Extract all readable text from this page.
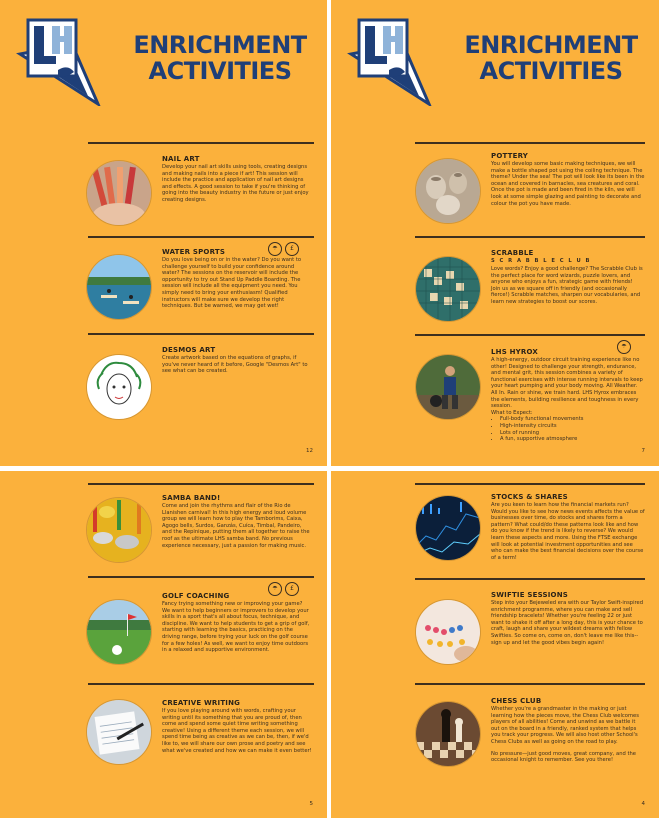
ENRICHMENT
ACTIVITIES
NAIL ART
Develop your nail art skills using tools, creating designs and making nails into a piece if art! This session will include the practice and application of nail art designs and effects. A good session to take if you're thinking of going into the beauty industry in the future or just enjoy creating designs.
☂	£
WATER SPORTS
Do you love being on or in the water? Do you want to challenge yourself to build your confidence around water? The sessions on the reservoir will include the opportunity to try out Stand Up Paddle Boarding. The session will include all the equipment you need. You simply need to bring your enthusiasm! Qualified instructors will make sure we develop the right techniques. But be warned, we may get wet!
DESMOS ART
Create artwork based on the equations of graphs, if you've never heard of it before, Google "Desmos Art" to see what can be created.
12
ENRICHMENT
ACTIVITIES
POTTERY
You will develop some basic making techniques, we will make a bottle shaped pot using the coiling technique. The theme? Under the sea! The pot will look like its been in the ocean and covered in barnacles, sea creatures and coral. Once the pot is made and been fired in the kiln, we will look at some simple glazing and painting to decorate and colour the pot you have made.
SCRABBLE
S C R A B B L E C L U B

Love words? Enjoy a good challenge? The Scrabble Club is the perfect place for word wizards, puzzle lovers, and anyone who enjoys a fun, strategic game with friends!

Join us as we square off in friendly (and occasionally fierce!) Scrabble matches, sharpen our vocabularies, and learn new strategies to boost our scores.

☂
LHS HYROX

A high-energy, outdoor circuit training experience like no other! Designed to challenge your strength, endurance, and mental grit, this session combines a variety of functional exercises with intense running intervals to keep your heart pumping and your body moving. All Weather. All In. Rain or shine, we train hard. LHS Hyrox embraces the elements, building resilience and toughness in every session.

What to Expect:

• Full-body functional movements
• High-intensity circuits
• Lots of running
• A fun, supportive atmosphere
7
SAMBA BAND!
Come and join the rhythms and flair of the Rio de Llanishen carnival! In this high energy and loud volume group we will learn how to play the Tamborims, Caixa, Agogo bells, Surdos, Ganzás, Cuíca, Timbal, Pandeiro, and the Repinique, putting them all together to raise the roof as the ultimate LHS samba band. No previous experience necessary, just a passion for making music.
☂	£
GOLF COACHING
Fancy trying something new or improving your game? We want to help beginners or improvers to develop your skills in a sport that's all about focus, technique, and discipline. We want to help students to get a grip of golf, starting with learning the basics, practicing on the driving range, before trying your luck on the golf course for a few holes! As well, we want to enjoy time outdoors in a relaxed and supportive environment.
CREATIVE WRITING
If you love playing around with words, crafting your writing until its something that you are proud of, then come and spend some quiet time writing something creative! Using a different theme each session, we will spend time being as creative as we can be, then, if we'd like to, we will share our own prose and poetry and see what we've created and how we can make it even better!
5
STOCKS & SHARES
Are you keen to learn how the financial markets run? Would you like to see how news events affects the value of businesses over time, do stocks and shares form a pattern? What could/do these patterns look like and how do you know if the trend is likely to reverse? We would learn these aspects and more. Using the FTSE exchange will look at potential investment opportunities and see who can make the best financial decisions over the course of a term!
SWIFTIE SESSIONS
Step into your Bejeweled era with our Taylor Swift-inspired enrichment programme, where you can make and sell friendship bracelets! Whether you're feeling 22 or just want to shake it off after a long day, this is your chance to craft, laugh and share your wildest dreams with fellow Swifties. So come on, come on, don't leave me like this--sign up and let the good vibes begin again!
CHESS CLUB

Whether you're a grandmaster in the making or just learning how the pieces move, the Chess Club welcomes players of all abilities! Come and unwind as we battle it out on the board in a friendly, ranked system that helps you track your progress. We will also host other School's Chess Clubs as well as going on the road to play.

No pressure—just good moves, great company, and the occasional knight to remember. See you there!

4
